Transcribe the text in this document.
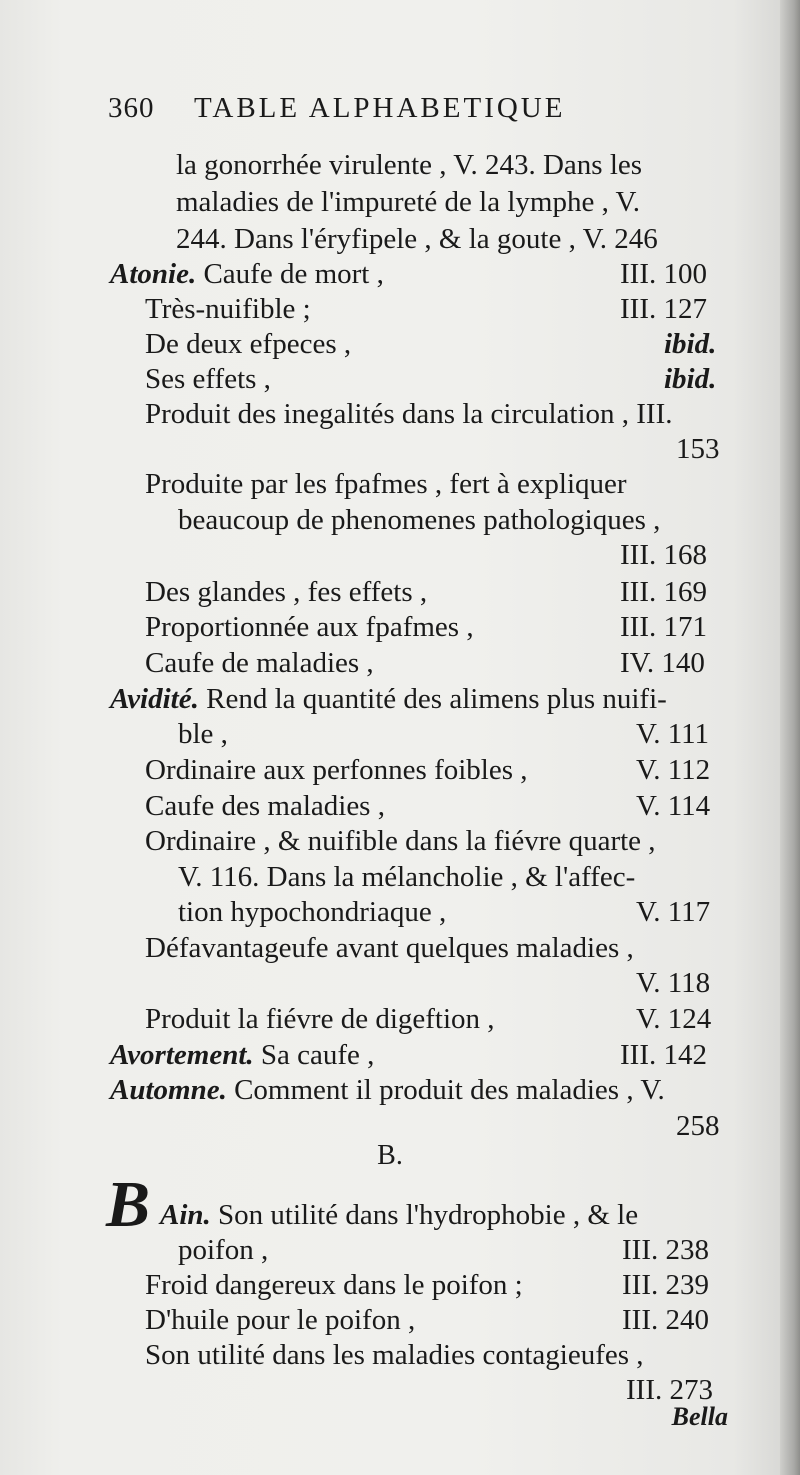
360 TABLE ALPHABETIQUE
la gonorrhée virulente , V. 243. Dans les
maladies de l'impureté de la lymphe , V.
244. Dans l'éryfipele , & la goute , V. 246
Atonie. Caufe de mort ,	III. 100
Très-nuifible ;	III. 127
De deux efpeces ,	ibid.
Ses effets ,	ibid.
Produit des inegalités dans la circulation , III.
153
Produite par les fpafmes , fert à expliquer
beaucoup de phenomenes pathologiques ,
III. 168
Des glandes , fes effets ,	III. 169
Proportionnée aux fpafmes ,	III. 171
Caufe de maladies ,	IV. 140
Avidité. Rend la quantité des alimens plus nuifi-
ble ,	V. 111
Ordinaire aux perfonnes foibles ,	V. 112
Caufe des maladies ,	V. 114
Ordinaire , & nuifible dans la fiévre quarte ,
V. 116. Dans la mélancholie , & l'affec-
tion hypochondriaque ,	V. 117
Défavantageufe avant quelques maladies ,
V. 118
Produit la fiévre de digeftion ,	V. 124
Avortement. Sa caufe ,	III. 142
Automne. Comment il produit des maladies , V.
258
Ain. Son utilité dans l'hydrophobie , & le
poifon ,	III. 238
Froid dangereux dans le poifon ;	III. 239
D'huile pour le poifon ,	III. 240
Son utilité dans les maladies contagieufes ,
III. 273
B.
B
Bella
